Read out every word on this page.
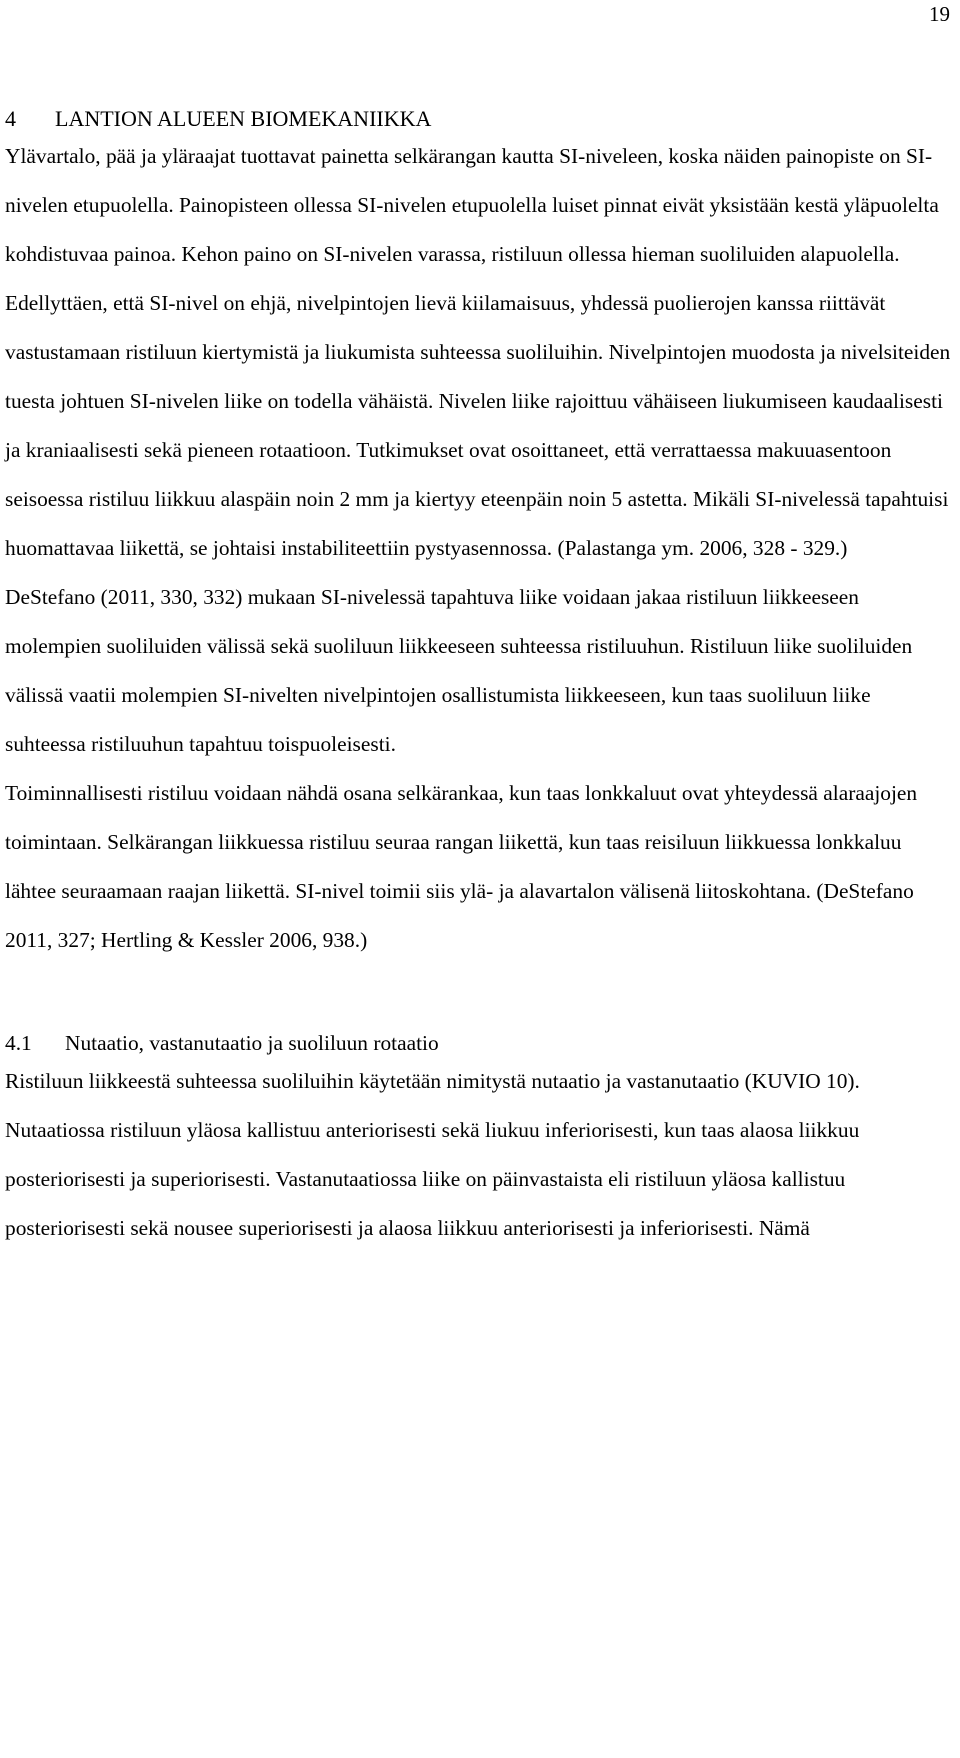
19
4 LANTION ALUEEN BIOMEKANIIKKA

Ylävartalo, pää ja yläraajat tuottavat painetta selkärangan kautta SI-niveleen, koska näiden painopiste on SI-nivelen etupuolella. Painopisteen ollessa SI-nivelen etupuolella luiset pinnat eivät yksistään kestä yläpuolelta kohdistuvaa painoa. Kehon paino on SI-nivelen varassa, ristiluun ollessa hieman suoliluiden alapuolella. Edellyttäen, että SI-nivel on ehjä, nivelpintojen lievä kiilamaisuus, yhdessä puolierojen kanssa riittävät vastustamaan ristiluun kiertymistä ja liukumista suhteessa suoliluihin. Nivelpintojen muodosta ja nivelsiteiden tuesta johtuen SI-nivelen liike on todella vähäistä. Nivelen liike rajoittuu vähäiseen liukumiseen kaudaalisesti ja kraniaalisesti sekä pieneen rotaatioon. Tutkimukset ovat osoittaneet, että verrattaessa makuuasentoon seisoessa ristiluu liikkuu alaspäin noin 2 mm ja kiertyy eteenpäin noin 5 astetta. Mikäli SI-nivelessä tapahtuisi huomattavaa liikettä, se johtaisi instabiliteettiin pystyasennossa. (Palastanga ym. 2006, 328 - 329.)

DeStefano (2011, 330, 332) mukaan SI-nivelessä tapahtuva liike voidaan jakaa ristiluun liikkeeseen molempien suoliluiden välissä sekä suoliluun liikkeeseen suhteessa ristiluuhun. Ristiluun liike suoliluiden välissä vaatii molempien SI-nivelten nivelpintojen osallistumista liikkeeseen, kun taas suoliluun liike suhteessa ristiluuhun tapahtuu toispuoleisesti.

Toiminnallisesti ristiluu voidaan nähdä osana selkärankaa, kun taas lonkkaluut ovat yhteydessä alaraajojen toimintaan. Selkärangan liikkuessa ristiluu seuraa rangan liikettä, kun taas reisiluun liikkuessa lonkkaluu lähtee seuraamaan raajan liikettä. SI-nivel toimii siis ylä- ja alavartalon välisenä liitoskohtana. (DeStefano 2011, 327; Hertling & Kessler 2006, 938.)

4.1 Nutaatio, vastanutaatio ja suoliluun rotaatio

Ristiluun liikkeestä suhteessa suoliluihin käytetään nimitystä nutaatio ja vastanutaatio (KUVIO 10). Nutaatiossa ristiluun yläosa kallistuu anteriorisesti sekä liukuu inferiorisesti, kun taas alaosa liikkuu posteriorisesti ja superiorisesti. Vastanutaatiossa liike on päinvastaista eli ristiluun yläosa kallistuu posteriorisesti sekä nousee superiorisesti ja alaosa liikkuu anteriorisesti ja inferiorisesti. Nämä
